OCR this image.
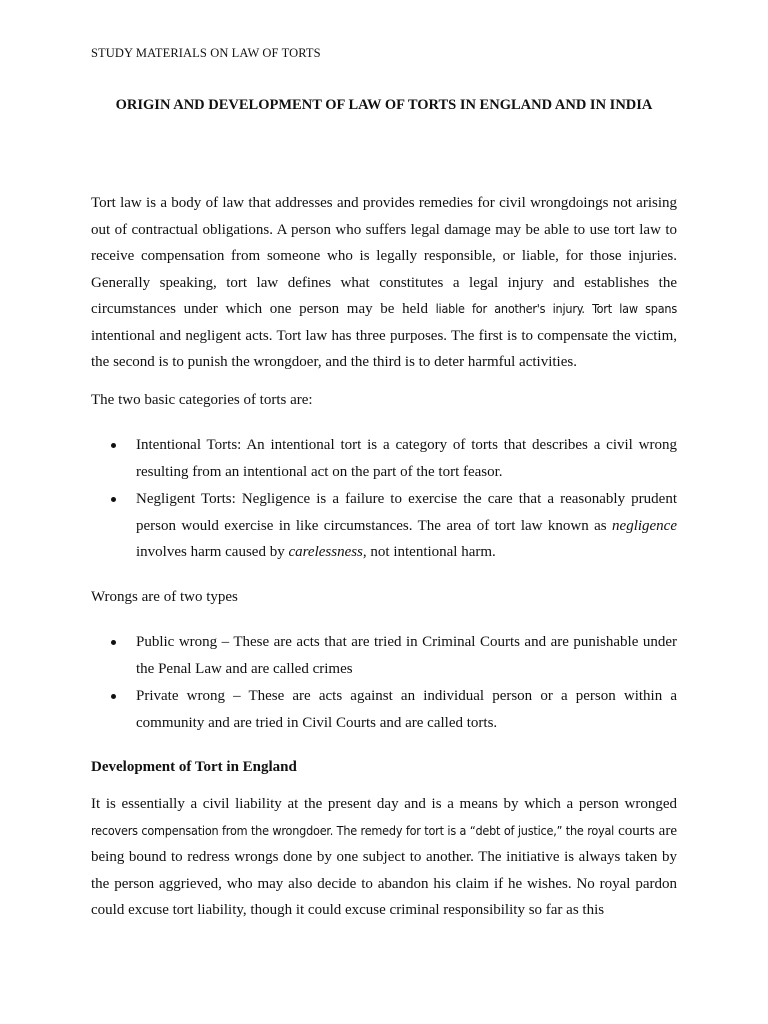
STUDY MATERIALS ON LAW OF TORTS
ORIGIN AND DEVELOPMENT OF LAW OF TORTS IN ENGLAND AND IN INDIA

Tort law is a body of law that addresses and provides remedies for civil wrongdoings not arising out of contractual obligations. A person who suffers legal damage may be able to use tort law to receive compensation from someone who is legally responsible, or liable, for those injuries. Generally speaking, tort law defines what constitutes a legal injury and establishes the circumstances under which one person may be held liable for another's injury. Tort law spans intentional and negligent acts. Tort law has three purposes. The first is to compensate the victim, the second is to punish the wrongdoer, and the third is to deter harmful activities.

The two basic categories of torts are:

Intentional Torts: An intentional tort is a category of torts that describes a civil wrong resulting from an intentional act on the part of the tort feasor.
Negligent Torts: Negligence is a failure to exercise the care that a reasonably prudent person would exercise in like circumstances. The area of tort law known as negligence involves harm caused by carelessness, not intentional harm.

Wrongs are of two types

Public wrong – These are acts that are tried in Criminal Courts and are punishable under the Penal Law and are called crimes
Private wrong – These are acts against an individual person or a person within a community and are tried in Civil Courts and are called torts.
Development of Tort in England

It is essentially a civil liability at the present day and is a means by which a person wronged recovers compensation from the wrongdoer. The remedy for tort is a “debt of justice,” the royal courts are being bound to redress wrongs done by one subject to another. The initiative is always taken by the person aggrieved, who may also decide to abandon his claim if he wishes. No royal pardon could excuse tort liability, though it could excuse criminal responsibility so far as this
